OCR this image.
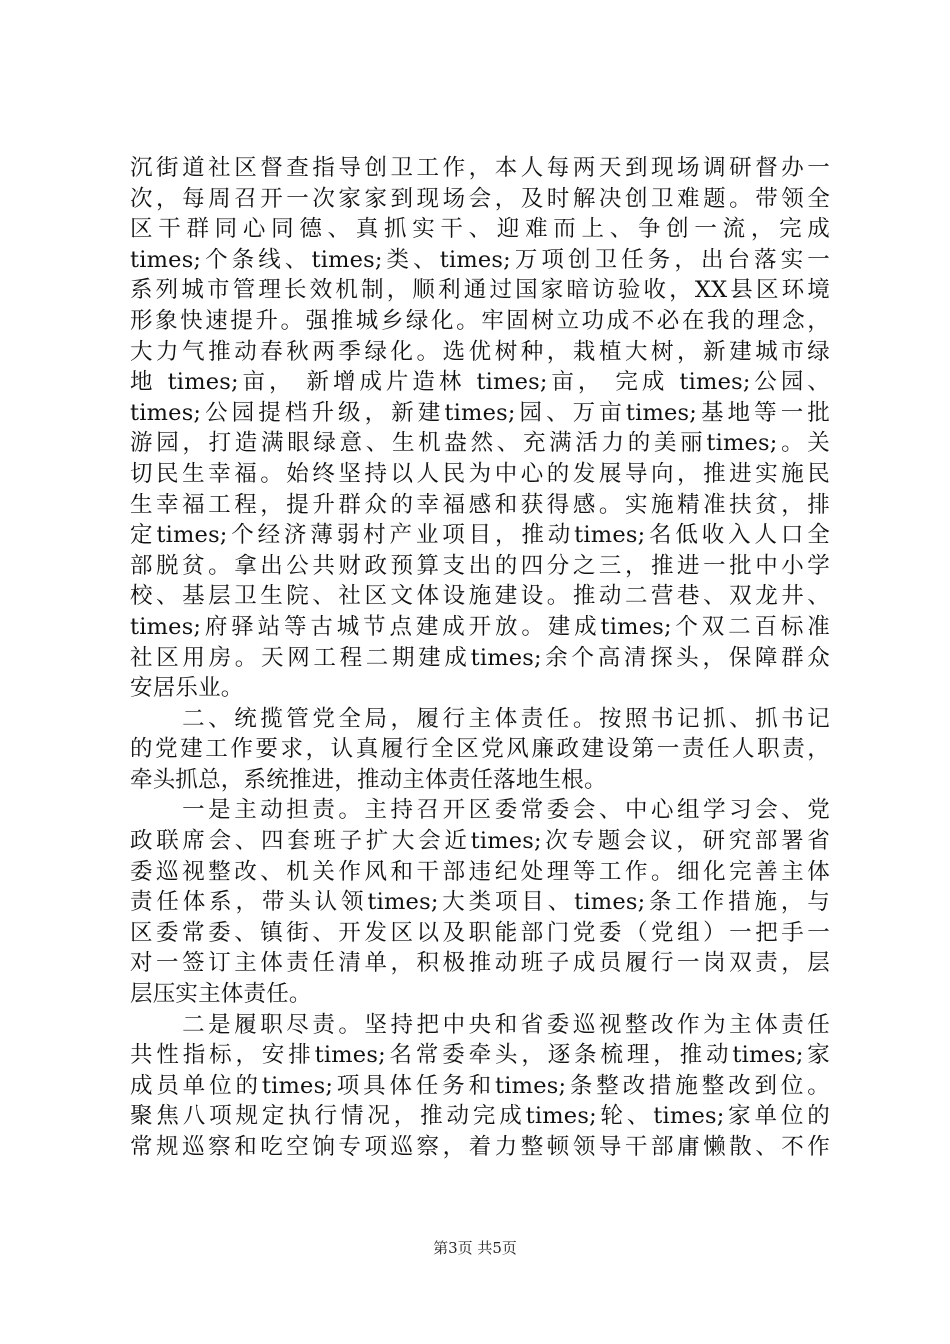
沉街道社区督查指导创卫工作，本人每两天到现场调研督办一
次，每周召开一次家家到现场会，及时解决创卫难题。带领全
区干群同心同德、真抓实干、迎难而上、争创一流，完成
times;个条线、times;类、times;万项创卫任务，出台落实一
系列城市管理长效机制，顺利通过国家暗访验收，XX县区环境
形象快速提升。强推城乡绿化。牢固树立功成不必在我的理念，
大力气推动春秋两季绿化。选优树种，栽植大树，新建城市绿
地 times;亩， 新增成片造林 times;亩， 完成 times;公园、
times;公园提档升级，新建times;园、万亩times;基地等一批
游园，打造满眼绿意、生机盎然、充满活力的美丽times;。关
切民生幸福。始终坚持以人民为中心的发展导向，推进实施民
生幸福工程，提升群众的幸福感和获得感。实施精准扶贫，排
定times;个经济薄弱村产业项目，推动times;名低收入人口全
部脱贫。拿出公共财政预算支出的四分之三，推进一批中小学
校、基层卫生院、社区文体设施建设。推动二营巷、双龙井、
times;府驿站等古城节点建成开放。建成times;个双二百标准
社区用房。天网工程二期建成times;余个高清探头，保障群众
安居乐业。
　　二、统揽管党全局，履行主体责任。按照书记抓、抓书记
的党建工作要求，认真履行全区党风廉政建设第一责任人职责，
牵头抓总，系统推进，推动主体责任落地生根。
　　一是主动担责。主持召开区委常委会、中心组学习会、党
政联席会、四套班子扩大会近times;次专题会议，研究部署省
委巡视整改、机关作风和干部违纪处理等工作。细化完善主体
责任体系，带头认领times;大类项目、times;条工作措施，与
区委常委、镇街、开发区以及职能部门党委（党组）一把手一
对一签订主体责任清单，积极推动班子成员履行一岗双责，层
层压实主体责任。
　　二是履职尽责。坚持把中央和省委巡视整改作为主体责任
共性指标，安排times;名常委牵头，逐条梳理，推动times;家
成员单位的times;项具体任务和times;条整改措施整改到位。
聚焦八项规定执行情况，推动完成times;轮、times;家单位的
常规巡察和吃空饷专项巡察，着力整顿领导干部庸懒散、不作
第3页 共5页
